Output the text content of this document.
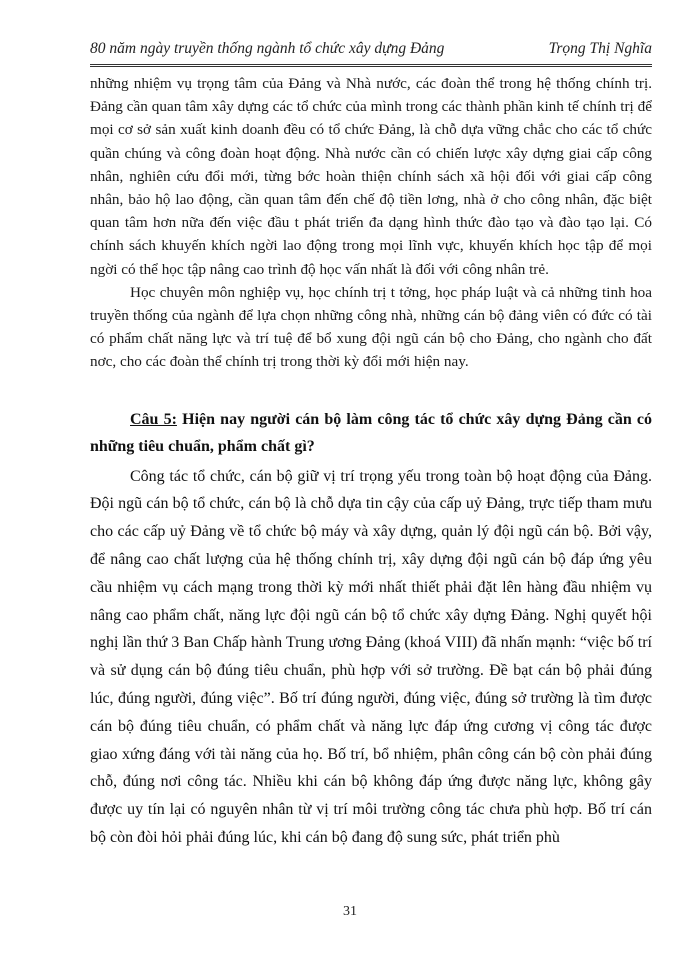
80 năm ngày truyền thống ngành tổ chức xây dựng Đảng	Trọng Thị Nghĩa

những nhiệm vụ trọng tâm của Đảng và Nhà nước, các đoàn thể trong hệ thống chính trị. Đảng cần quan tâm xây dựng các tổ chức của mình trong các thành phần kinh tế chính trị để mọi cơ sở sản xuất kinh doanh đều có tổ chức Đảng, là chỗ dựa vững chắc cho các tổ chức quần chúng và công đoàn hoạt động. Nhà nước cần có chiến lược xây dựng giai cấp công nhân, nghiên cứu đổi mới, từng bớc hoàn thiện chính sách xã hội đối với giai cấp công nhân, bảo hộ lao động, cần quan tâm đến chế độ tiền lơng, nhà ở cho công nhân, đặc biệt quan tâm hơn nữa đến việc đầu t phát triển đa dạng hình thức đào tạo và đào tạo lại. Có chính sách khuyến khích ngời lao động trong mọi lĩnh vực, khuyến khích học tập để mọi ngời có thể học tập nâng cao trình độ học vấn nhất là đối với công nhân trẻ.

Học chuyên môn nghiệp vụ, học chính trị t tởng, học pháp luật và cả những tinh hoa truyền thống của ngành để lựa chọn những công nhà, những cán bộ đảng viên có đức có tài có phẩm chất năng lực và trí tuệ để bổ xung đội ngũ cán bộ cho Đảng, cho ngành cho đất nơc, cho các đoàn thể chính trị trong thời kỳ đổi mới hiện nay.

Câu 5: Hiện nay người cán bộ làm công tác tổ chức xây dựng Đảng cần có những tiêu chuẩn, phẩm chất gì?

Công tác tổ chức, cán bộ giữ vị trí trọng yếu trong toàn bộ hoạt động của Đảng. Đội ngũ cán bộ tổ chức, cán bộ là chỗ dựa tin cậy của cấp uỷ Đảng, trực tiếp tham mưu cho các cấp uỷ Đảng về tổ chức bộ máy và xây dựng, quản lý đội ngũ cán bộ. Bởi vậy, để nâng cao chất lượng của hệ thống chính trị, xây dựng đội ngũ cán bộ đáp ứng yêu cầu nhiệm vụ cách mạng trong thời kỳ mới nhất thiết phải đặt lên hàng đầu nhiệm vụ nâng cao phẩm chất, năng lực đội ngũ cán bộ tổ chức xây dựng Đảng. Nghị quyết hội nghị lần thứ 3 Ban Chấp hành Trung ương Đảng (khoá VIII) đã nhấn mạnh: “việc bố trí và sử dụng cán bộ đúng tiêu chuẩn, phù hợp với sở trường. Đề bạt cán bộ phải đúng lúc, đúng người, đúng việc”. Bố trí đúng người, đúng việc, đúng sở trường là tìm được cán bộ đúng tiêu chuẩn, có phẩm chất và năng lực đáp ứng cương vị công tác được giao xứng đáng với tài năng của họ. Bố trí, bổ nhiệm, phân công cán bộ còn phải đúng chỗ, đúng nơi công tác. Nhiều khi cán bộ không đáp ứng được năng lực, không gây được uy tín lại có nguyên nhân từ vị trí môi trường công tác chưa phù hợp. Bố trí cán bộ còn đòi hỏi phải đúng lúc, khi cán bộ đang độ sung sức, phát triển phù

31
